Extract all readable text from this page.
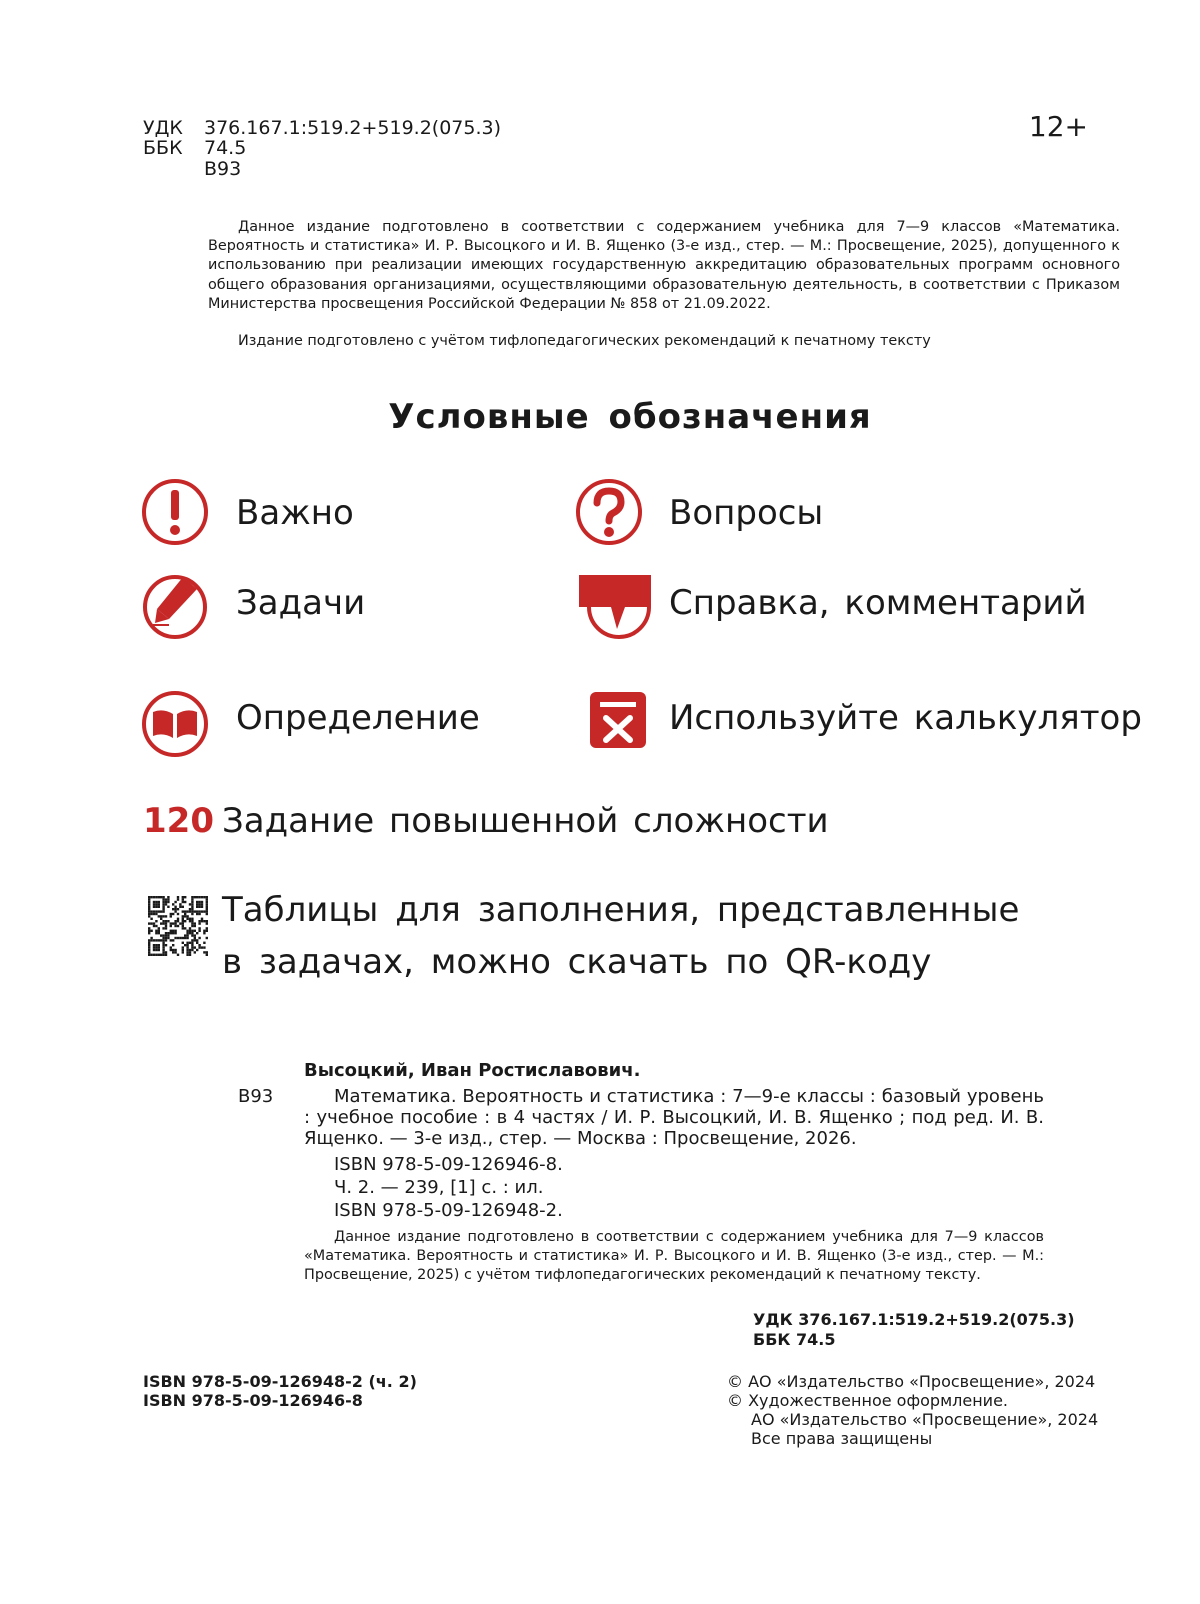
УДК 376.167.1:519.2+519.2(075.3)
ББК 74.5
В93
12+
Данное издание подготовлено в соответствии с содержанием учебника для 7—9 классов «Математика. Вероятность и статистика» И. Р. Высоцкого и И. В. Ященко (3-е изд., стер. — М.: Просвещение, 2025), допущенного к использованию при реализации имеющих государственную аккредитацию образовательных программ основного общего образования организациями, осуществляющими образовательную деятельность, в соответствии с Приказом Министерства просвещения Российской Федерации № 858 от 21.09.2022.
Издание подготовлено с учётом тифлопедагогических рекомендаций к печатному тексту
Условные обозначения
Важно	Вопросы
Задачи	Справка, комментарий
Определение	Используйте калькулятор
120 Задание повышенной сложности
Таблицы для заполнения, представленные
в задачах, можно скачать по QR-коду
Высоцкий, Иван Ростиславович.
В93	Математика. Вероятность и статистика : 7—9-е классы : базовый уровень : учебное пособие : в 4 частях / И. Р. Высоцкий, И. В. Ященко ; под ред. И. В. Ященко. — 3-е изд., стер. — Москва : Просвещение, 2026.
ISBN 978-5-09-126946-8.
Ч. 2. — 239, [1] с. : ил.
ISBN 978-5-09-126948-2.
Данное издание подготовлено в соответствии с содержанием учебника для 7—9 классов «Математика. Вероятность и статистика» И. Р. Высоцкого и И. В. Ященко (3-е изд., стер. — М.: Просвещение, 2025) с учётом тифлопедагогических рекомендаций к печатному тексту.
УДК 376.167.1:519.2+519.2(075.3)
ББК 74.5
ISBN 978-5-09-126948-2 (ч. 2)
ISBN 978-5-09-126946-8
© АО «Издательство «Просвещение», 2024
© Художественное оформление.
АО «Издательство «Просвещение», 2024
Все права защищены
